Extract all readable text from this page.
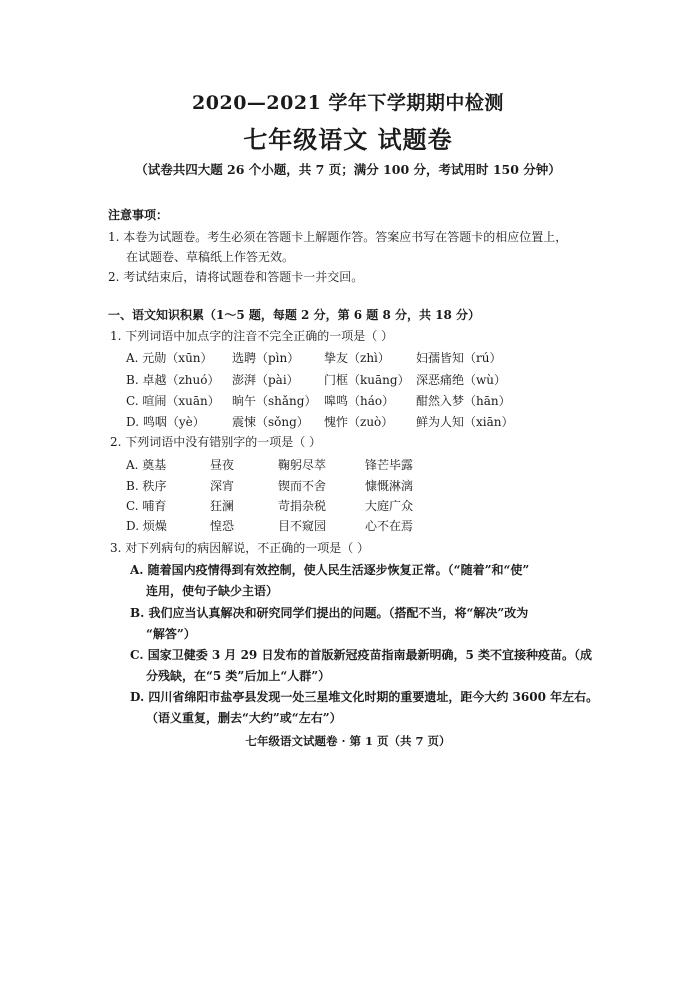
2020—2021 学年下学期期中检测
七年级语文 试题卷
（试卷共四大题 26 个小题，共 7 页；满分 100 分，考试用时 150 分钟）
注意事项：
1. 本卷为试题卷。考生必须在答题卡上解题作答。答案应书写在答题卡的相应位置上，
在试题卷、草稿纸上作答无效。
2. 考试结束后，请将试题卷和答题卡一并交回。
一、语文知识积累（1～5 题，每题 2 分，第 6 题 8 分，共 18 分）
1. 下列词语中加点字的注音不完全正确的一项是（ ）
A. 元勋（xūn） 选聘（pìn） 挚友（zhì） 妇孺皆知（rú）
B. 卓越（zhuó） 澎湃（pài） 门框（kuāng） 深恶痛绝（wù）
C. 喧闹（xuān） 晌午（shǎng） 嗥鸣（háo） 酣然入梦（hān）
D. 鸣咽（yè） 震悚（sǒng） 愧怍（zuò） 鲜为人知（xiān）
2. 下列词语中没有错别字的一项是（ ）
A. 奠基	昼夜	鞠躬尽萃	锋芒毕露
B. 秩序	深宵	锲而不舍	慷慨淋漓
C. 哺育	狂澜	苛捐杂税	大庭广众
D. 烦燥	惶恐	目不窥园	心不在焉
3. 对下列病句的病因解说，不正确的一项是（ ）
A. 随着国内疫情得到有效控制，使人民生活逐步恢复正常。（“随着”和“使”
连用，使句子缺少主语）
B. 我们应当认真解决和研究同学们提出的问题。（搭配不当，将“解决”改为
“解答”）
C. 国家卫健委 3 月 29 日发布的首版新冠疫苗指南最新明确，5 类不宜接种疫苗。（成
分残缺，在“5 类”后加上“人群”）
D. 四川省绵阳市盐亭县发现一处三星堆文化时期的重要遗址，距今大约 3600 年左右。
（语义重复，删去“大约”或“左右”）
七年级语文试题卷 · 第 1 页（共 7 页）
